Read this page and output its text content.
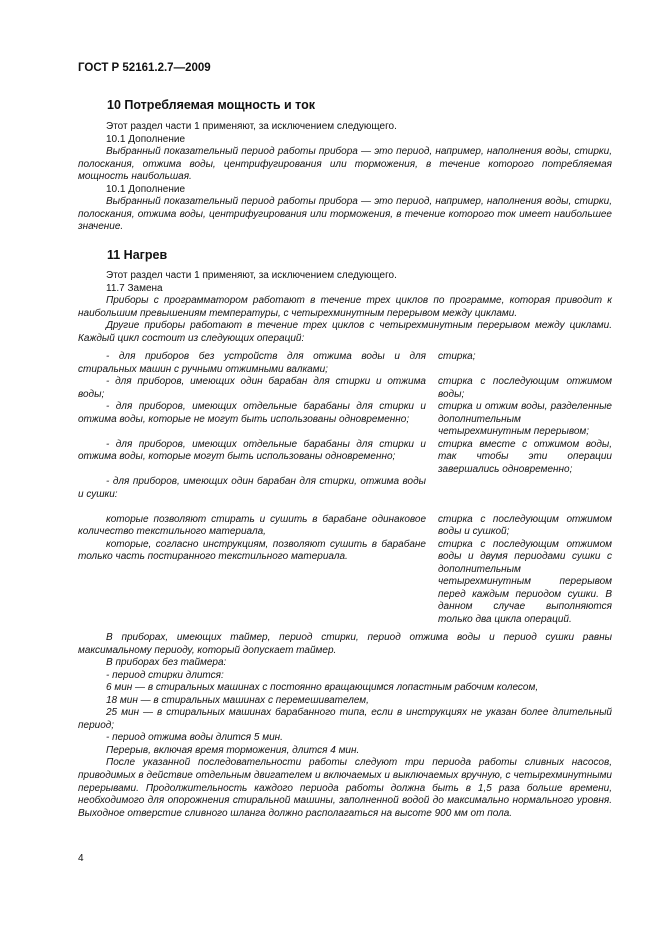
ГОСТ Р 52161.2.7—2009
10 Потребляемая мощность и ток

Этот раздел части 1 применяют, за исключением следующего.

10.1 Дополнение

Выбранный показательный период работы прибора — это период, например, наполнения воды, стирки, полоскания, отжима воды, центрифугирования или торможения, в течение которого потребляемая мощность наибольшая.

10.1 Дополнение

Выбранный показательный период работы прибора — это период, например, наполнения воды, стирки, полоскания, отжима воды, центрифугирования или торможения, в течение которого ток имеет наибольшее значение.

11 Нагрев

Этот раздел части 1 применяют, за исключением следующего.

11.7 Замена

Приборы с программатором работают в течение трех циклов по программе, которая приводит к наибольшим превышениям температуры, с четырехминутным перерывом между циклами.

Другие приборы работают в течение трех циклов с четырехминутным перерывом между циклами. Каждый цикл состоит из следующих операций:

- для приборов без устройств для отжима воды и для стиральных машин с ручными отжимными валками;
стирка;
- для приборов, имеющих один барабан для стирки и отжима воды;
стирка с последующим отжимом воды;
- для приборов, имеющих отдельные барабаны для стирки и отжима воды, которые не могут быть использованы одновременно;
стирка и отжим воды, разделенные дополнительным четырехминутным перерывом;
- для приборов, имеющих отдельные барабаны для стирки и отжима воды, которые могут быть использованы одновременно;
стирка вместе с отжимом воды, так чтобы эти операции завершались одновременно;
- для приборов, имеющих один барабан для стирки, отжима воды и сушки:
которые позволяют стирать и сушить в барабане одинаковое количество текстильного материала,
стирка с последующим отжимом воды и сушкой;
которые, согласно инструкциям, позволяют сушить в барабане только часть постиранного текстильного материала.
стирка с последующим отжимом воды и двумя периодами сушки с дополнительным четырехминутным перерывом перед каждым периодом сушки. В данном случае выполняются только два цикла операций.

В приборах, имеющих таймер, период стирки, период отжима воды и период сушки равны максимальному периоду, который допускает таймер.

В приборах без таймера:

- период стирки длится:

6 мин — в стиральных машинах с постоянно вращающимся лопастным рабочим колесом,

18 мин — в стиральных машинах с перемешивателем,

25 мин — в стиральных машинах барабанного типа, если в инструкциях не указан более длительный период;

- период отжима воды длится 5 мин.

Перерыв, включая время торможения, длится 4 мин.

После указанной последовательности работы следуют три периода работы сливных насосов, приводимых в действие отдельным двигателем и включаемых и выключаемых вручную, с четырехминутными перерывами. Продолжительность каждого периода работы должна быть в 1,5 раза больше времени, необходимого для опорожнения стиральной машины, заполненной водой до максимально нормального уровня. Выходное отверстие сливного шланга должно располагаться на высоте 900 мм от пола.

4
